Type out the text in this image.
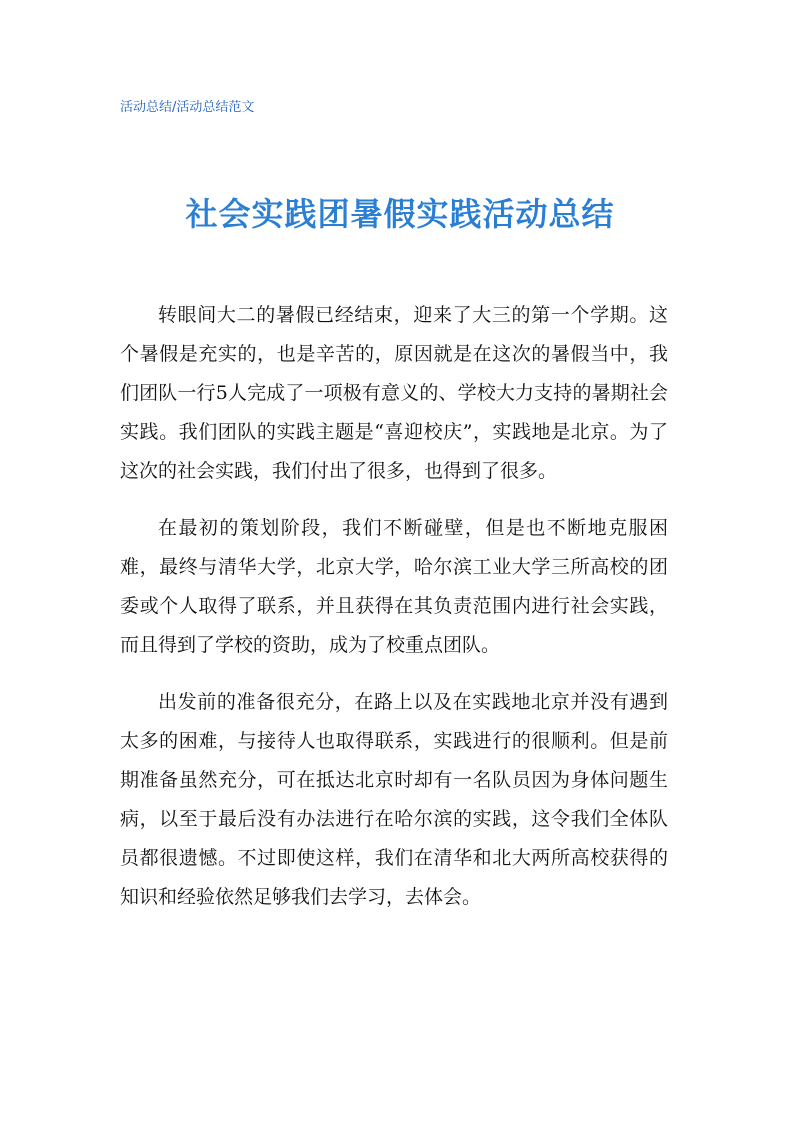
活动总结/活动总结范文
社会实践团暑假实践活动总结

转眼间大二的暑假已经结束，迎来了大三的第一个学期。这个暑假是充实的，也是辛苦的，原因就是在这次的暑假当中，我们团队一行5人完成了一项极有意义的、学校大力支持的暑期社会实践。我们团队的实践主题是“喜迎校庆”，实践地是北京。为了这次的社会实践，我们付出了很多，也得到了很多。

在最初的策划阶段，我们不断碰壁，但是也不断地克服困难，最终与清华大学，北京大学，哈尔滨工业大学三所高校的团委或个人取得了联系，并且获得在其负责范围内进行社会实践，而且得到了学校的资助，成为了校重点团队。

出发前的准备很充分，在路上以及在实践地北京并没有遇到太多的困难，与接待人也取得联系，实践进行的很顺利。但是前期准备虽然充分，可在抵达北京时却有一名队员因为身体问题生病，以至于最后没有办法进行在哈尔滨的实践，这令我们全体队员都很遗憾。不过即使这样，我们在清华和北大两所高校获得的知识和经验依然足够我们去学习，去体会。
